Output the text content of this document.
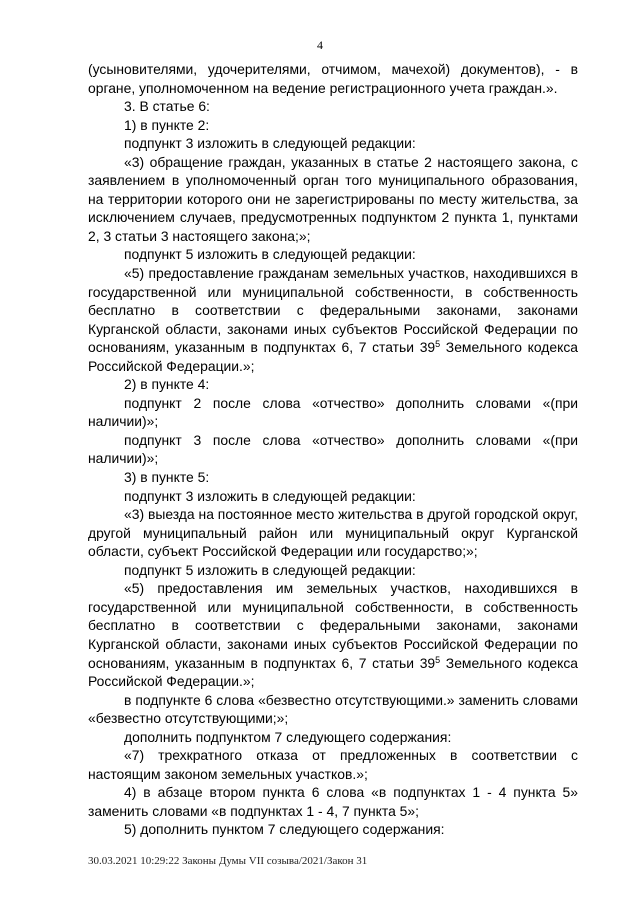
4

(усыновителями, удочерителями, отчимом, мачехой) документов), - в органе, уполномоченном на ведение регистрационного учета граждан.».

3. В статье 6:

1) в пункте 2:

подпункт 3 изложить в следующей редакции:

«3) обращение граждан, указанных в статье 2 настоящего закона, с заявлением в уполномоченный орган того муниципального образования, на территории которого они не зарегистрированы по месту жительства, за исключением случаев, предусмотренных подпунктом 2 пункта 1, пунктами 2, 3 статьи 3 настоящего закона;»;

подпункт 5 изложить в следующей редакции:

«5) предоставление гражданам земельных участков, находившихся в государственной или муниципальной собственности, в собственность бесплатно в соответствии с федеральными законами, законами Курганской области, законами иных субъектов Российской Федерации по основаниям, указанным в подпунктах 6, 7 статьи $39^5$ Земельного кодекса Российской Федерации.»;

2) в пункте 4:

подпункт 2 после слова «отчество» дополнить словами «(при наличии)»;

подпункт 3 после слова «отчество» дополнить словами «(при наличии)»;

3) в пункте 5:

подпункт 3 изложить в следующей редакции:

«3) выезда на постоянное место жительства в другой городской округ, другой муниципальный район или муниципальный округ Курганской области, субъект Российской Федерации или государство;»;

подпункт 5 изложить в следующей редакции:

«5) предоставления им земельных участков, находившихся в государственной или муниципальной собственности, в собственность бесплатно в соответствии с федеральными законами, законами Курганской области, законами иных субъектов Российской Федерации по основаниям, указанным в подпунктах 6, 7 статьи $39^5$ Земельного кодекса Российской Федерации.»;

в подпункте 6 слова «безвестно отсутствующими.» заменить словами «безвестно отсутствующими;»;

дополнить подпунктом 7 следующего содержания:

«7) трехкратного отказа от предложенных в соответствии с настоящим законом земельных участков.»;

4) в абзаце втором пункта 6 слова «в подпунктах 1 - 4 пункта 5» заменить словами «в подпунктах 1 - 4, 7 пункта 5»;

5) дополнить пунктом 7 следующего содержания:

30.03.2021 10:29:22 Законы Думы VII созыва/2021/Закон 31
